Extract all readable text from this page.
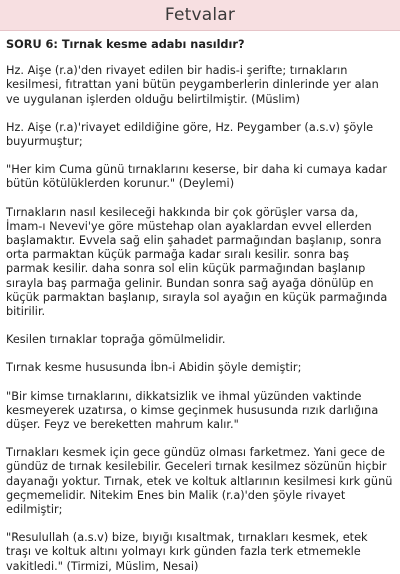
Fetvalar

SORU 6: Tırnak kesme adabı nasıldır?

Hz. Aişe (r.a)'den rivayet edilen bir hadis-i şerifte; tırnakların kesilmesi, fıtrattan yani bütün peygamberlerin dinlerinde yer alan ve uygulanan işlerden olduğu belirtilmiştir. (Müslim)

Hz. Aişe (r.a)'rivayet edildiğine göre, Hz. Peygamber (a.s.v) şöyle buyurmuştur;

"Her kim Cuma günü tırnaklarını keserse, bir daha ki cumaya kadar bütün kötülüklerden korunur." (Deylemi)

Tırnakların nasıl kesileceği hakkında bir çok görüşler varsa da, İmam-ı Nevevi'ye göre müstehap olan ayaklardan evvel ellerden başlamaktır. Evvela sağ elin şahadet parmağından başlanıp, sonra orta parmaktan küçük parmağa kadar sıralı kesilir. sonra baş parmak kesilir. daha sonra sol elin küçük parmağından başlanıp sırayla baş parmağa gelinir. Bundan sonra sağ ayağa dönülüp en küçük parmaktan başlanıp, sırayla sol ayağın en küçük parmağında bitirilir.

Kesilen tırnaklar toprağa gömülmelidir.

Tırnak kesme hususunda İbn-i Abidin şöyle demiştir;

"Bir kimse tırnaklarını, dikkatsizlik ve ihmal yüzünden vaktinde kesmeyerek uzatırsa, o kimse geçinmek hususunda rızık darlığına düşer. Feyz ve bereketten mahrum kalır."

Tırnakları kesmek için gece gündüz olması farketmez. Yani gece de gündüz de tırnak kesilebilir. Geceleri tırnak kesilmez sözünün hiçbir dayanağı yoktur. Tırnak, etek ve koltuk altlarının kesilmesi kırk günü geçmemelidir. Nitekim Enes bin Malik (r.a)'den şöyle rivayet edilmiştir;

"Resulullah (a.s.v) bize, bıyığı kısaltmak, tırnakları kesmek, etek traşı ve koltuk altını yolmayı kırk günden fazla terk etmemekle vakitledi." (Tirmizi, Müslim, Nesai)
